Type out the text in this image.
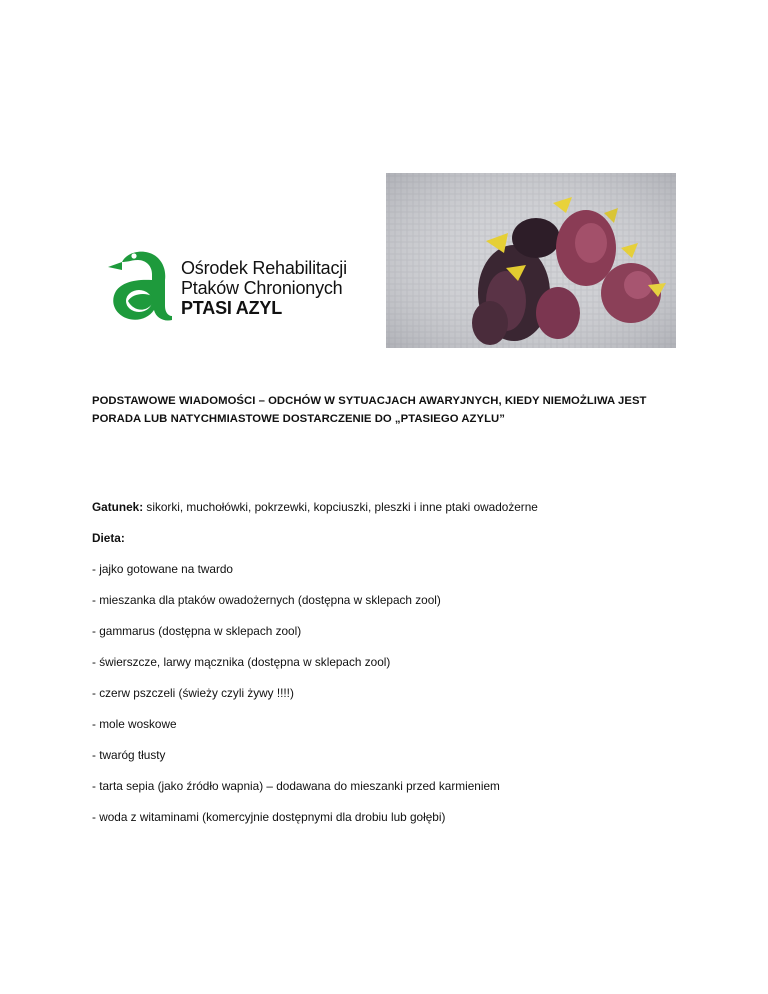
Ośrodek Rehabilitacji
Ptaków Chronionych
PTASI AZYL
PODSTAWOWE WIADOMOŚCI – ODCHÓW W SYTUACJACH AWARYJNYCH, KIEDY NIEMOŻLIWA JEST
PORADA LUB NATYCHMIASTOWE DOSTARCZENIE DO „PTASIEGO AZYLU”

Gatunek: sikorki, muchołówki, pokrzewki, kopciuszki, pleszki i inne ptaki owadożerne

Dieta:

- jajko gotowane na twardo

- mieszanka dla ptaków owadożernych (dostępna w sklepach zool)

- gammarus (dostępna w sklepach zool)

- świerszcze, larwy mącznika (dostępna w sklepach zool)

- czerw pszczeli (świeży czyli żywy !!!!)

- mole woskowe

- twaróg tłusty

- tarta sepia (jako źródło wapnia) – dodawana do mieszanki przed karmieniem

- woda z witaminami (komercyjnie dostępnymi dla drobiu lub gołębi)
